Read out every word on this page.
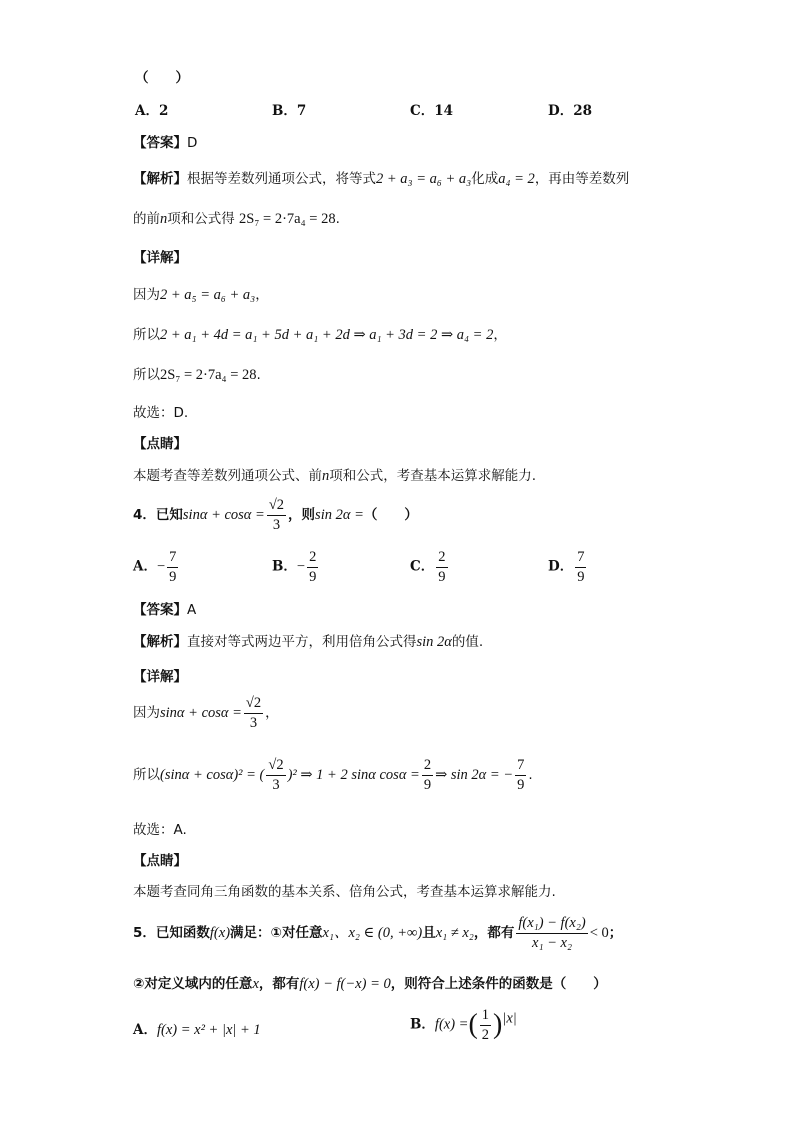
（　　）
A．2	B．7	C．14	D．28
【答案】D
【解析】根据等差数列通项公式，将等式2 + a₃ = a₆ + a₃化成a₄ = 2，再由等差数列
的前n项和公式得 2S₇ = 2·7a₄ = 28.
【详解】
因为2 + a₅ = a₆ + a₃，
所以2 + a₁ + 4d = a₁ + 5d + a₁ + 2d ⇒ a₁ + 3d = 2 ⇒ a₄ = 2，
所以2S₇ = 2·7a₄ = 28.
故选：D.
【点睛】
本题考查等差数列通项公式、前n项和公式，考查基本运算求解能力.
4．已知$\sin\alpha + \cos\alpha = \frac{√2}{3}$ ，则sin 2α =（　　）
A．− $\frac{7}{9}$	B．− $\frac{2}{9}$	C． $\frac{2}{9}$	D． $\frac{7}{9}$
【答案】A
【解析】直接对等式两边平方，利用倍角公式得sin 2α的值.
【详解】
因为$\sin\alpha + \cos\alpha = \frac{√2}{3}$ ，
所以(sinα + cosα)² = ( $\frac{√2}{3} )^2$ ⇒ 1 + 2 sinα $\cos\alpha = \frac{2}{9}$ ⇒ sin 2α = − $\frac{7}{9}$ .
故选：A.
【点睛】
本题考查同角三角函数的基本关系、倍角公式，考查基本运算求解能力.
5．已知函数f(x)满足：①对任意x₁、x₂ ∈ (0, +∞)且x₁ ≠ x₂，都有 $\frac{\text{f(x₁) − f(x₂)}}{\text{x₁ − x₂}} < 0$；
②对定义域内的任意x，都有f(x) − f(−x) = 0，则符合上述条件的函数是（　　）
A．f(x) = x² + |x| + 1	B．f(x) =( $\frac{1}{2} )^{|x|}$
